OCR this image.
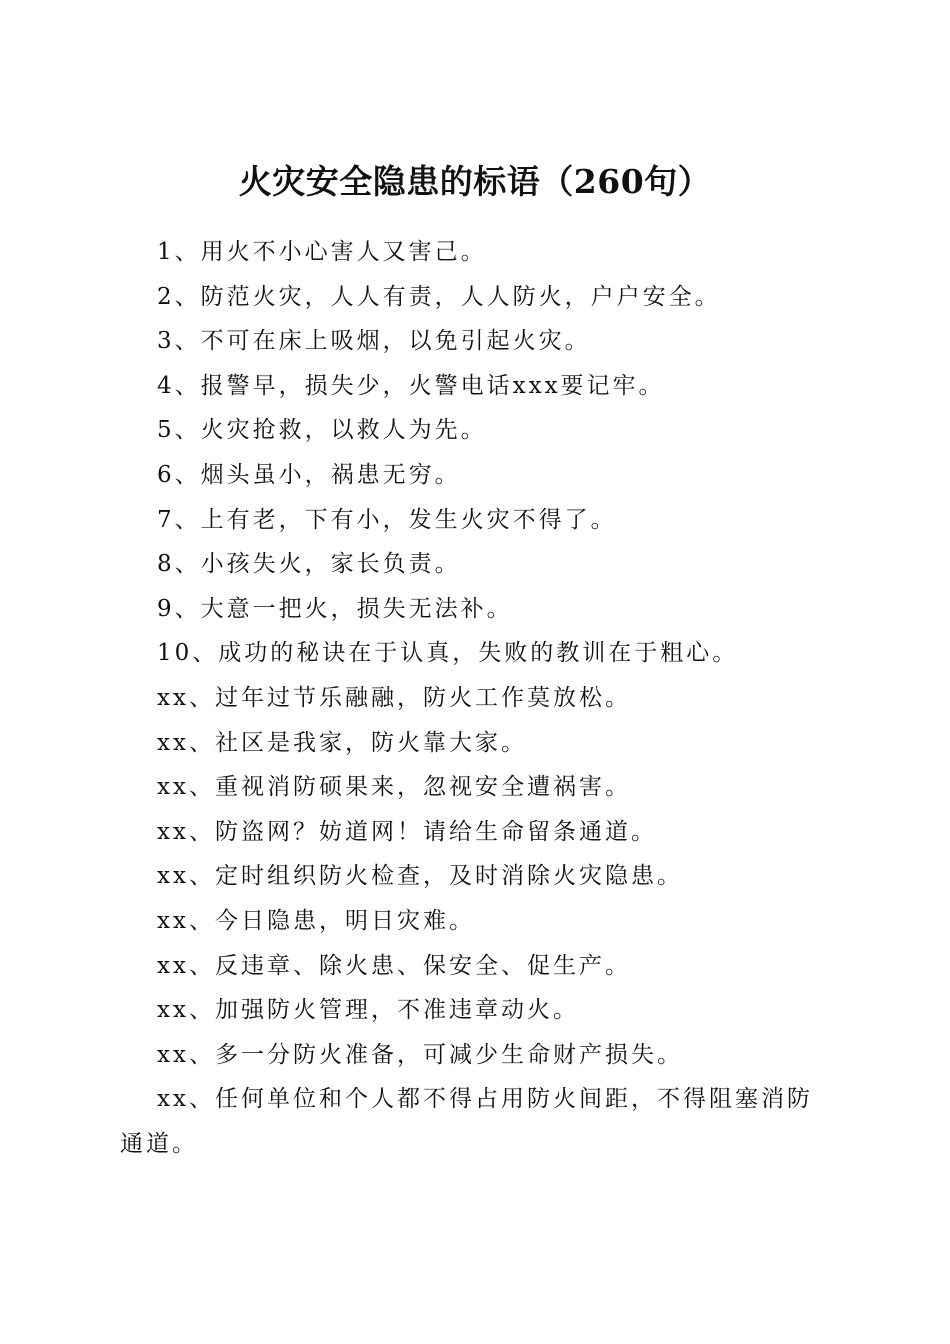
火灾安全隐患的标语（260句）

1、用火不小心害人又害己。

2、防范火灾，人人有责，人人防火，户户安全。

3、不可在床上吸烟，以免引起火灾。

4、报警早，损失少，火警电话xxx要记牢。

5、火灾抢救，以救人为先。

6、烟头虽小，祸患无穷。

7、上有老，下有小，发生火灾不得了。

8、小孩失火，家长负责。

9、大意一把火，损失无法补。

10、成功的秘诀在于认真，失败的教训在于粗心。

xx、过年过节乐融融，防火工作莫放松。

xx、社区是我家，防火靠大家。

xx、重视消防硕果来，忽视安全遭祸害。

xx、防盗网？妨道网！请给生命留条通道。

xx、定时组织防火检查，及时消除火灾隐患。

xx、今日隐患，明日灾难。

xx、反违章、除火患、保安全、促生产。

xx、加强防火管理，不准违章动火。

xx、多一分防火准备，可减少生命财产损失。

xx、任何单位和个人都不得占用防火间距，不得阻塞消防通道。
